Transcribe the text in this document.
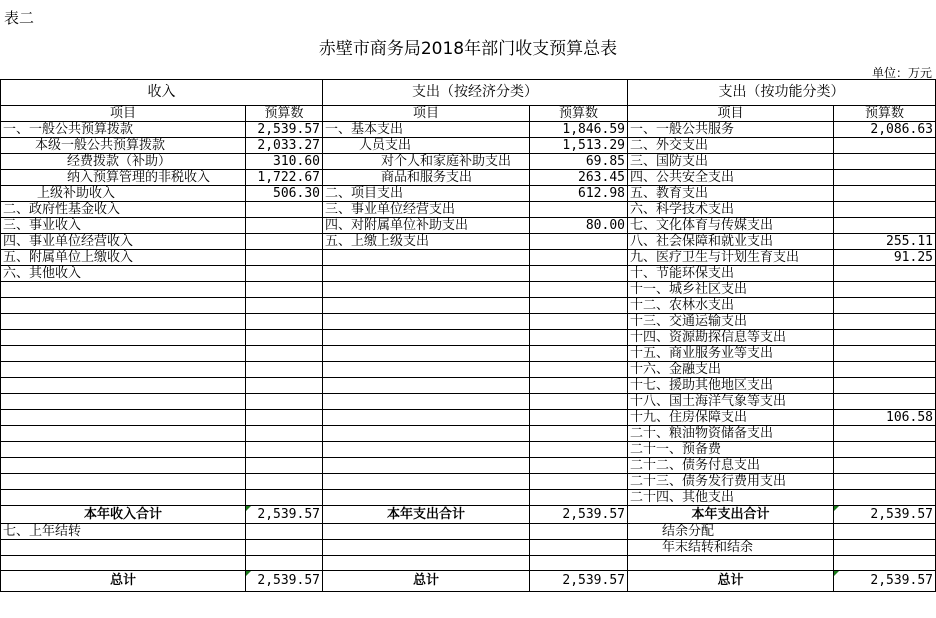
表二
赤壁市商务局2018年部门收支预算总表
单位：万元
收入		支出（按经济分类）		支出（按功能分类）	
项目	预算数	项目	预算数	项目	预算数
一、一般公共预算拨款	2,539.57	一、基本支出	1,846.59	一、一般公共服务	2,086.63
本级一般公共预算拨款	2,033.27	人员支出	1,513.29	二、外交支出	
经费拨款（补助）	310.60	对个人和家庭补助支出	69.85	三、国防支出	
纳入预算管理的非税收入	1,722.67	商品和服务支出	263.45	四、公共安全支出	
上级补助收入	506.30	二、项目支出	612.98	五、教育支出	
二、政府性基金收入		三、事业单位经营支出		六、科学技术支出	
三、事业收入		四、对附属单位补助支出	80.00	七、文化体育与传媒支出	
四、事业单位经营收入		五、上缴上级支出		八、社会保障和就业支出	255.11
五、附属单位上缴收入				九、医疗卫生与计划生育支出	91.25
六、其他收入				十、节能环保支出	
				十一、城乡社区支出	
				十二、农林水支出	
				十三、交通运输支出	
				十四、资源勘探信息等支出	
				十五、商业服务业等支出	
				十六、金融支出	
				十七、援助其他地区支出	
				十八、国土海洋气象等支出	
				十九、住房保障支出	106.58
				二十、粮油物资储备支出	
				二十一、预备费	
				二十二、债务付息支出	
				二十三、债务发行费用支出	
				二十四、其他支出	
本年收入合计	2,539.57	本年支出合计	2,539.57	本年支出合计	2,539.57
七、上年结转				结余分配	
				年末结转和结余	

总计	2,539.57	总计	2,539.57	总计	2,539.57
